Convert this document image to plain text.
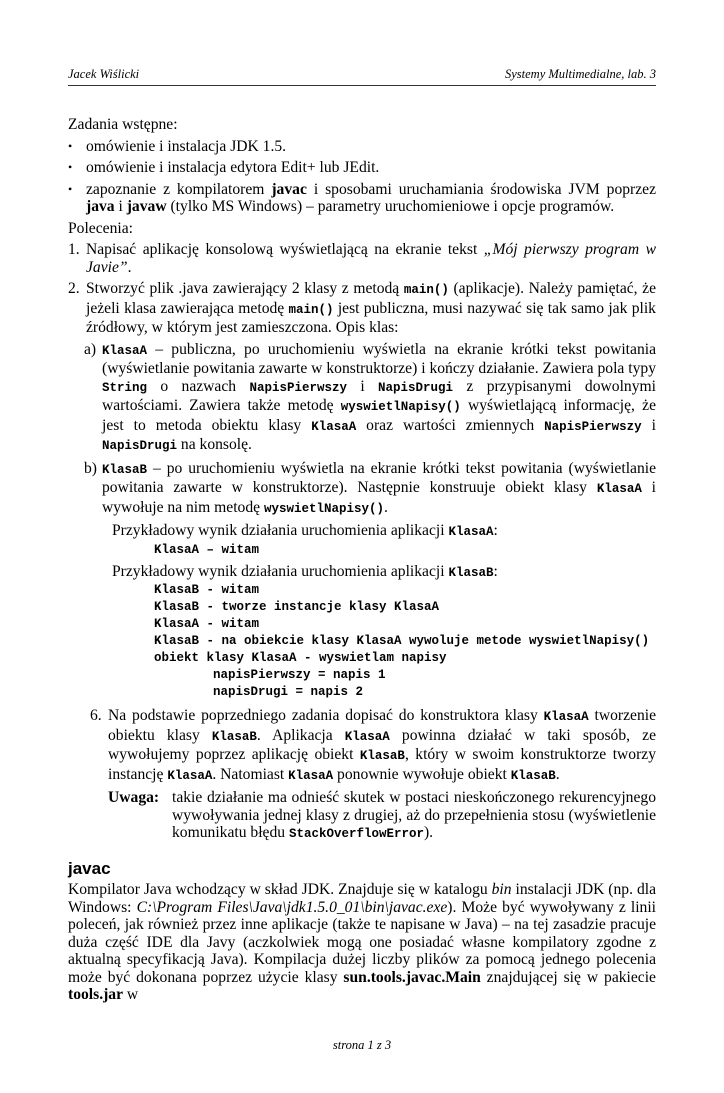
Jacek Wiślicki	Systemy Multimedialne, lab. 3

Zadania wstępne:

• omówienie i instalacja JDK 1.5.

• omówienie i instalacja edytora Edit+ lub JEdit.

• zapoznanie z kompilatorem javac i sposobami uruchamiania środowiska JVM poprzez java i javaw (tylko MS Windows) – parametry uruchomieniowe i opcje programów.

Polecenia:

1. Napisać aplikację konsolową wyświetlającą na ekranie tekst „Mój pierwszy program w Javie”.

2. Stworzyć plik .java zawierający 2 klasy z metodą main() (aplikacje). Należy pamiętać, że jeżeli klasa zawierająca metodę main() jest publiczna, musi nazywać się tak samo jak plik źródłowy, w którym jest zamieszczona. Opis klas:

a) KlasaA – publiczna, po uruchomieniu wyświetla na ekranie krótki tekst powitania (wyświetlanie powitania zawarte w konstruktorze) i kończy działanie. Zawiera pola typy String o nazwach NapisPierwszy i NapisDrugi z przypisanymi dowolnymi wartościami. Zawiera także metodę wyswietlNapisy() wyświetlającą informację, że jest to metoda obiektu klasy KlasaA oraz wartości zmiennych NapisPierwszy i NapisDrugi na konsolę.

b) KlasaB – po uruchomieniu wyświetla na ekranie krótki tekst powitania (wyświetlanie powitania zawarte w konstruktorze). Następnie konstruuje obiekt klasy KlasaA i wywołuje na nim metodę wyswietlNapisy().

Przykładowy wynik działania uruchomienia aplikacji KlasaA:

KlasaA – witam

Przykładowy wynik działania uruchomienia aplikacji KlasaB:

KlasaB - witam
KlasaB - tworze instancje klasy KlasaA
KlasaA - witam
KlasaB - na obiekcie klasy KlasaA wywoluje metode wyswietlNapisy()
obiekt klasy KlasaA - wyswietlam napisy
napisPierwszy = napis 1
napisDrugi = napis 2

6. Na podstawie poprzedniego zadania dopisać do konstruktora klasy KlasaA tworzenie obiektu klasy KlasaB. Aplikacja KlasaA powinna działać w taki sposób, ze wywołujemy poprzez aplikację obiekt KlasaB, który w swoim konstruktorze tworzy instancję KlasaA. Natomiast KlasaA ponownie wywołuje obiekt KlasaB.

Uwaga: takie działanie ma odnieść skutek w postaci nieskończonego rekurencyjnego wywoływania jednej klasy z drugiej, aż do przepełnienia stosu (wyświetlenie komunikatu błędu StackOverflowError).

javac

Kompilator Java wchodzący w skład JDK. Znajduje się w katalogu bin instalacji JDK (np. dla Windows: C:\Program Files\Java\jdk1.5.0_01\bin\javac.exe). Może być wywoływany z linii poleceń, jak również przez inne aplikacje (także te napisane w Java) – na tej zasadzie pracuje duża część IDE dla Javy (aczkolwiek mogą one posiadać własne kompilatory zgodne z aktualną specyfikacją Java). Kompilacja dużej liczby plików za pomocą jednego polecenia może być dokonana poprzez użycie klasy sun.tools.javac.Main znajdującej się w pakiecie tools.jar w

strona 1 z 3
